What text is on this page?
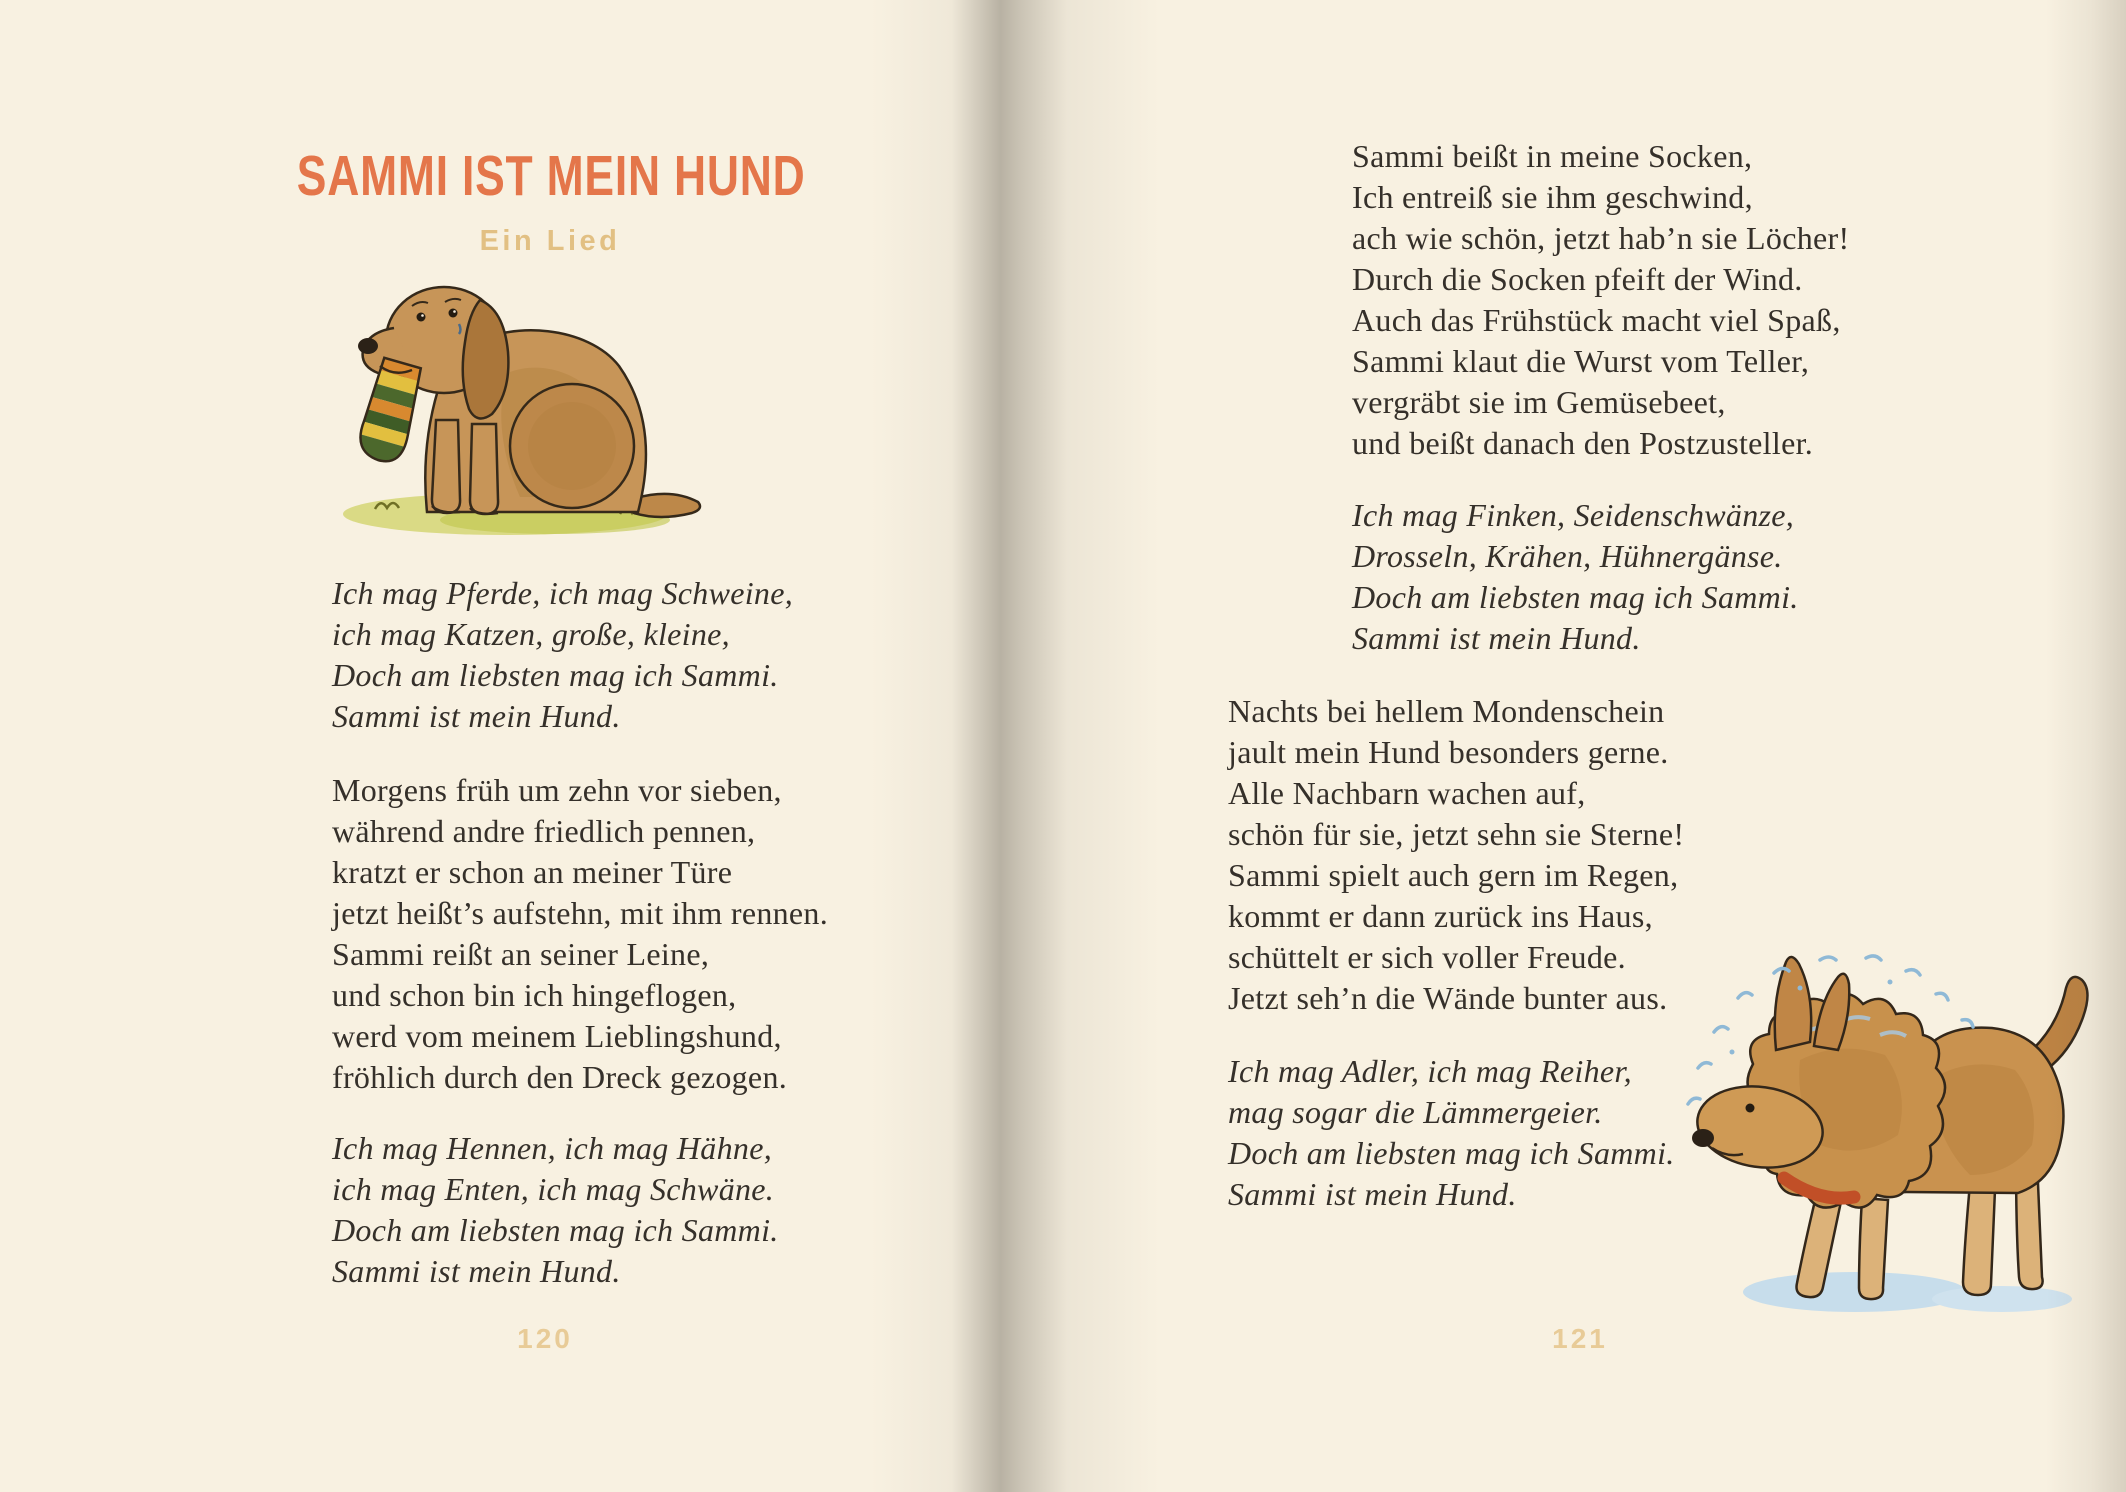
SAMMI IST MEIN HUND
Ein Lied

Ich mag Pferde, ich mag Schweine,

ich mag Katzen, große, kleine,

Doch am liebsten mag ich Sammi.

Sammi ist mein Hund.

Morgens früh um zehn vor sieben,

während andre friedlich pennen,

kratzt er schon an meiner Türe

jetzt heißt’s aufstehn, mit ihm rennen.

Sammi reißt an seiner Leine,

und schon bin ich hingeflogen,

werd vom meinem Lieblingshund,

fröhlich durch den Dreck gezogen.

Ich mag Hennen, ich mag Hähne,

ich mag Enten, ich mag Schwäne.

Doch am liebsten mag ich Sammi.

Sammi ist mein Hund.

120

Sammi beißt in meine Socken,

Ich entreiß sie ihm geschwind,

ach wie schön, jetzt hab’n sie Löcher!

Durch die Socken pfeift der Wind.

Auch das Frühstück macht viel Spaß,

Sammi klaut die Wurst vom Teller,

vergräbt sie im Gemüsebeet,

und beißt danach den Postzusteller.

Ich mag Finken, Seidenschwänze,

Drosseln, Krähen, Hühnergänse.

Doch am liebsten mag ich Sammi.

Sammi ist mein Hund.

Nachts bei hellem Mondenschein

jault mein Hund besonders gerne.

Alle Nachbarn wachen auf,

schön für sie, jetzt sehn sie Sterne!

Sammi spielt auch gern im Regen,

kommt er dann zurück ins Haus,

schüttelt er sich voller Freude.

Jetzt seh’n die Wände bunter aus.

Ich mag Adler, ich mag Reiher,

mag sogar die Lämmergeier.

Doch am liebsten mag ich Sammi.

Sammi ist mein Hund.

121
